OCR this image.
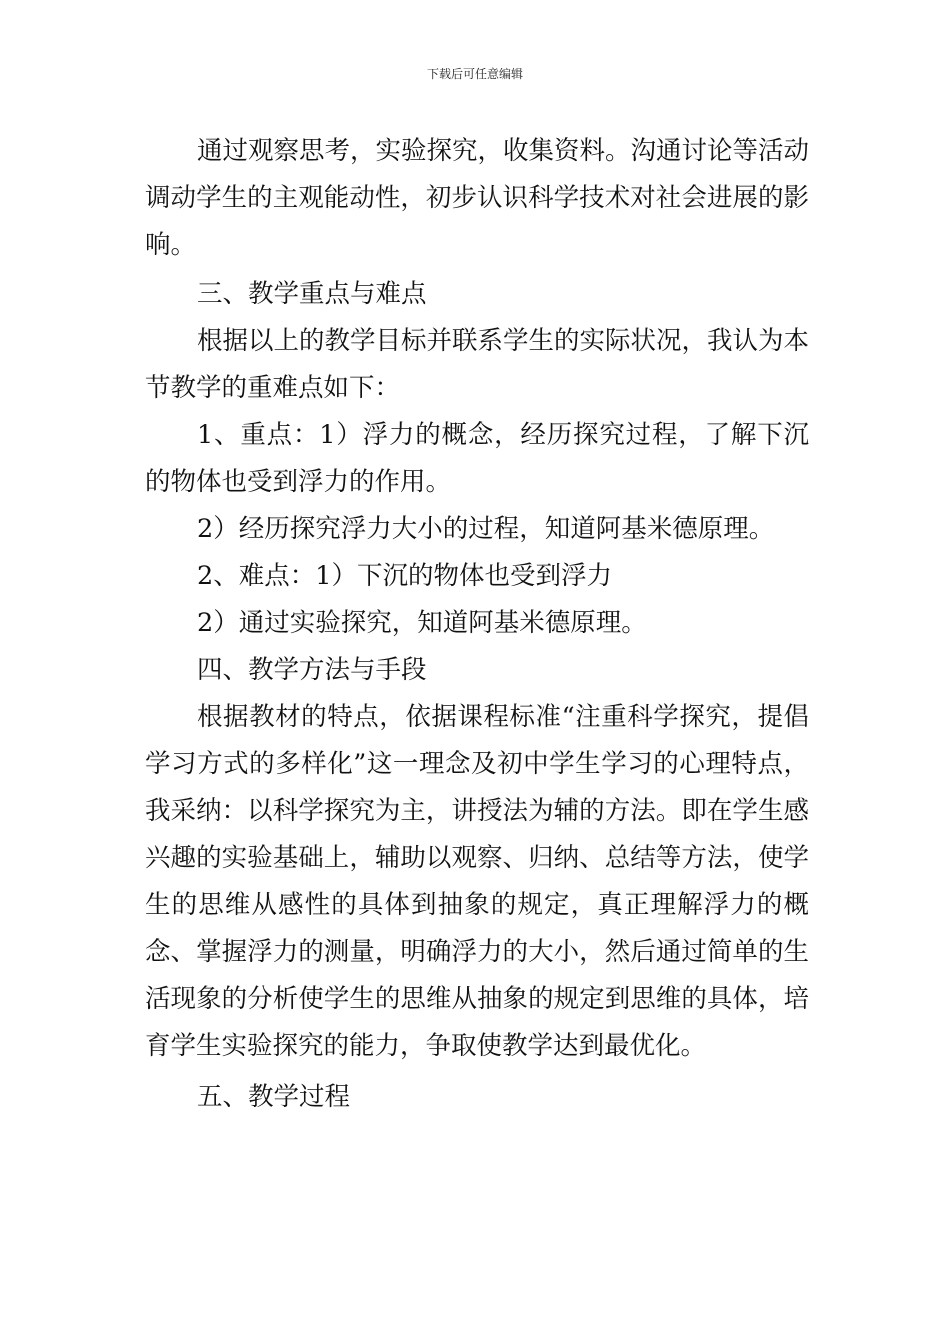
下载后可任意编辑

通过观察思考，实验探究，收集资料。沟通讨论等活动调动学生的主观能动性，初步认识科学技术对社会进展的影响。

三、教学重点与难点

根据以上的教学目标并联系学生的实际状况，我认为本节教学的重难点如下：

1、重点：1）浮力的概念，经历探究过程，了解下沉的物体也受到浮力的作用。

2）经历探究浮力大小的过程，知道阿基米德原理。

2、难点：1）下沉的物体也受到浮力

2）通过实验探究，知道阿基米德原理。

四、教学方法与手段

根据教材的特点，依据课程标准“注重科学探究，提倡学习方式的多样化”这一理念及初中学生学习的心理特点，我采纳：以科学探究为主，讲授法为辅的方法。即在学生感兴趣的实验基础上，辅助以观察、归纳、总结等方法，使学生的思维从感性的具体到抽象的规定，真正理解浮力的概念、掌握浮力的测量，明确浮力的大小，然后通过简单的生活现象的分析使学生的思维从抽象的规定到思维的具体，培育学生实验探究的能力，争取使教学达到最优化。

五、教学过程
